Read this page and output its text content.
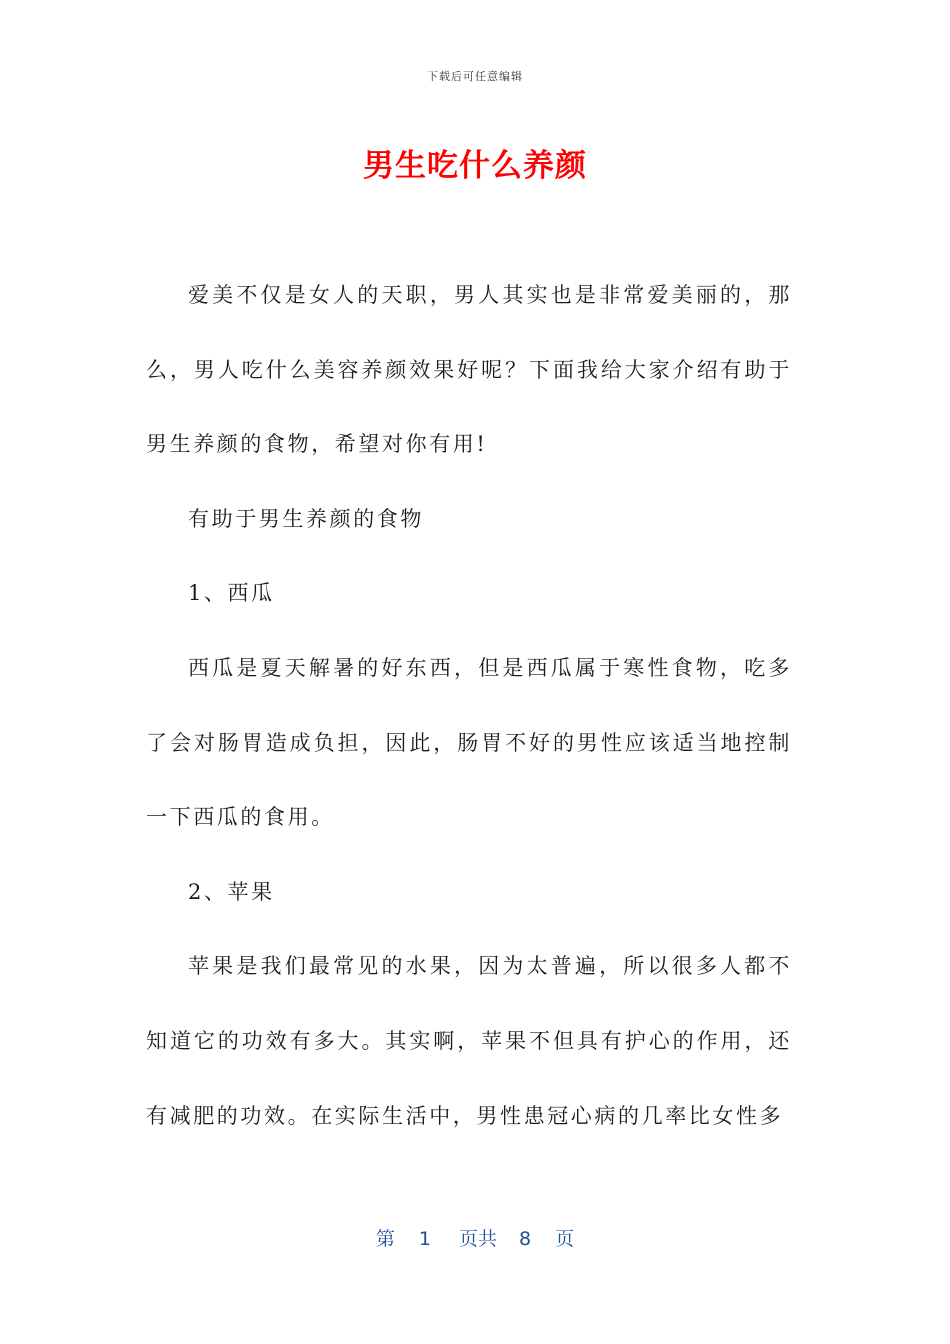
下载后可任意编辑
男生吃什么养颜

爱美不仅是女人的天职，男人其实也是非常爱美丽的，那么，男人吃什么美容养颜效果好呢？下面我给大家介绍有助于男生养颜的食物，希望对你有用!

有助于男生养颜的食物

1、西瓜

西瓜是夏天解暑的好东西，但是西瓜属于寒性食物，吃多了会对肠胃造成负担，因此，肠胃不好的男性应该适当地控制一下西瓜的食用。

2、苹果

苹果是我们最常见的水果，因为太普遍，所以很多人都不知道它的功效有多大。其实啊，苹果不但具有护心的作用，还有减肥的功效。在实际生活中，男性患冠心病的几率比女性多

第 1 页共 8 页
